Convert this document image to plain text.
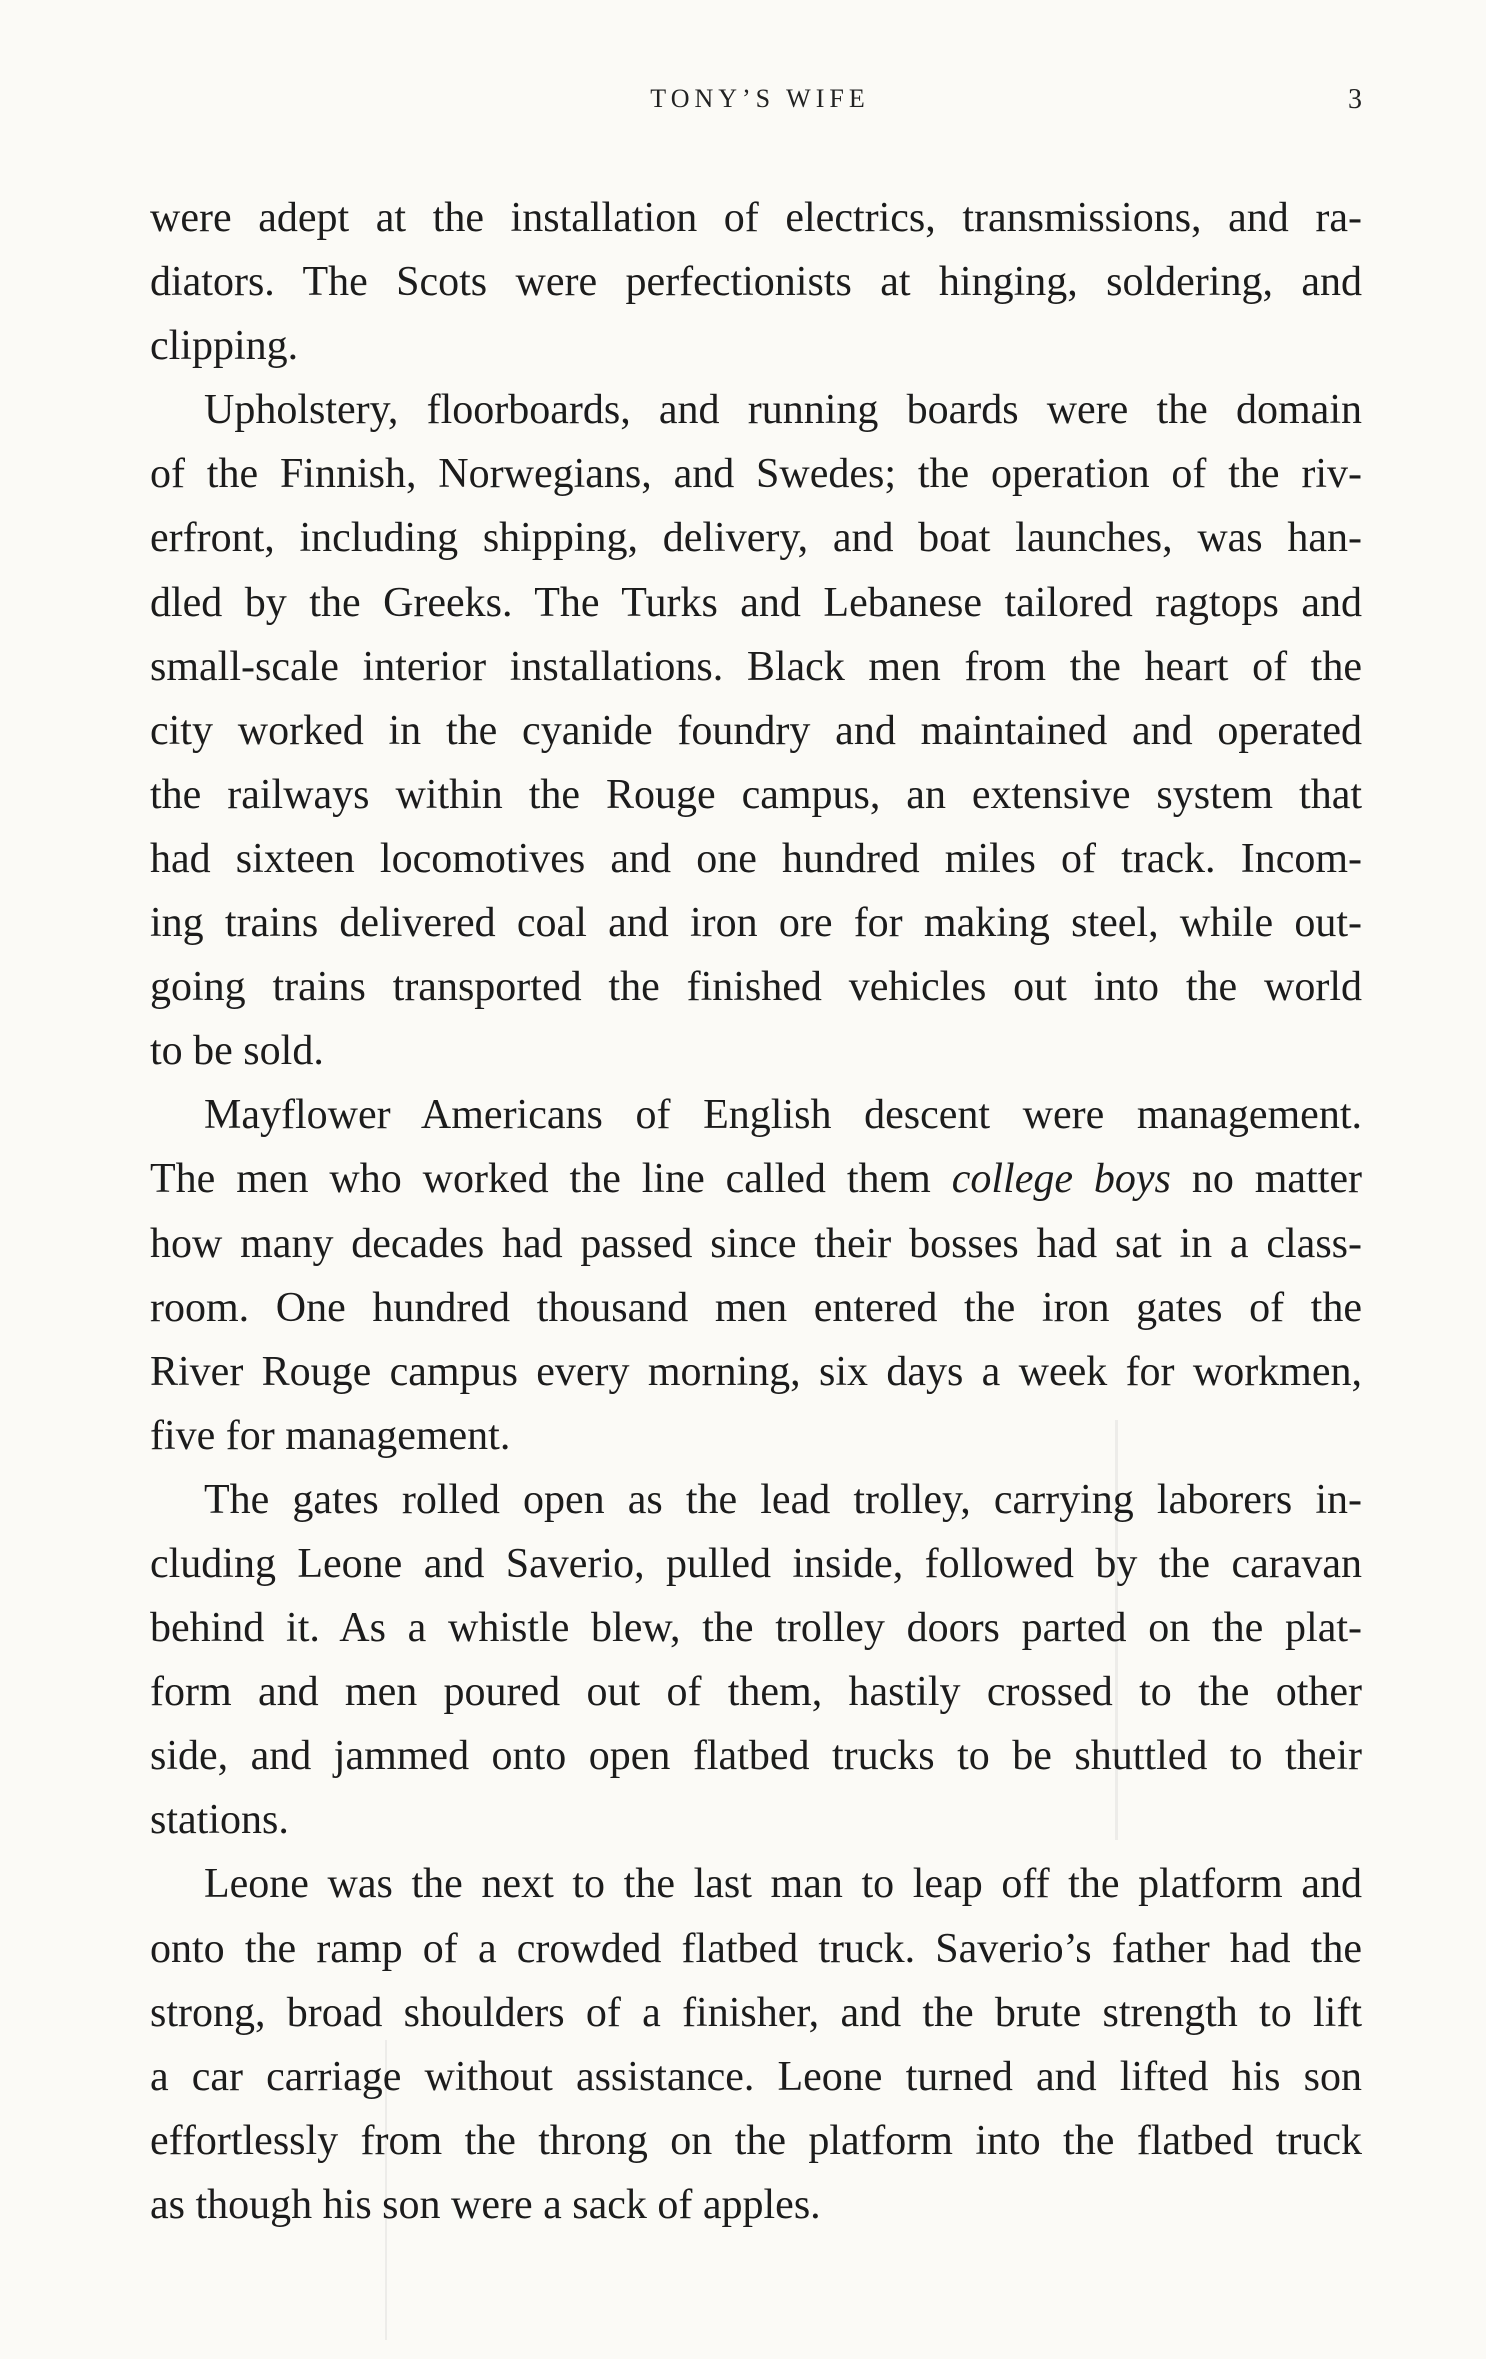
TONY’S WIFE	3

were adept at the installation of electrics, transmissions, and ra-
diators. The Scots were perfectionists at hinging, soldering, and
clipping.

Upholstery, floorboards, and running boards were the domain
of the Finnish, Norwegians, and Swedes; the operation of the riv-
erfront, including shipping, delivery, and boat launches, was han-
dled by the Greeks. The Turks and Lebanese tailored ragtops and
small-scale interior installations. Black men from the heart of the
city worked in the cyanide foundry and maintained and operated
the railways within the Rouge campus, an extensive system that
had sixteen locomotives and one hundred miles of track. Incom-
ing trains delivered coal and iron ore for making steel, while out-
going trains transported the finished vehicles out into the world
to be sold.

Mayflower Americans of English descent were management.
The men who worked the line called them college boys no matter
how many decades had passed since their bosses had sat in a class-
room. One hundred thousand men entered the iron gates of the
River Rouge campus every morning, six days a week for workmen,
five for management.

The gates rolled open as the lead trolley, carrying laborers in-
cluding Leone and Saverio, pulled inside, followed by the caravan
behind it. As a whistle blew, the trolley doors parted on the plat-
form and men poured out of them, hastily crossed to the other
side, and jammed onto open flatbed trucks to be shuttled to their
stations.

Leone was the next to the last man to leap off the platform and
onto the ramp of a crowded flatbed truck. Saverio’s father had the
strong, broad shoulders of a finisher, and the brute strength to lift
a car carriage without assistance. Leone turned and lifted his son
effortlessly from the throng on the platform into the flatbed truck
as though his son were a sack of apples.
